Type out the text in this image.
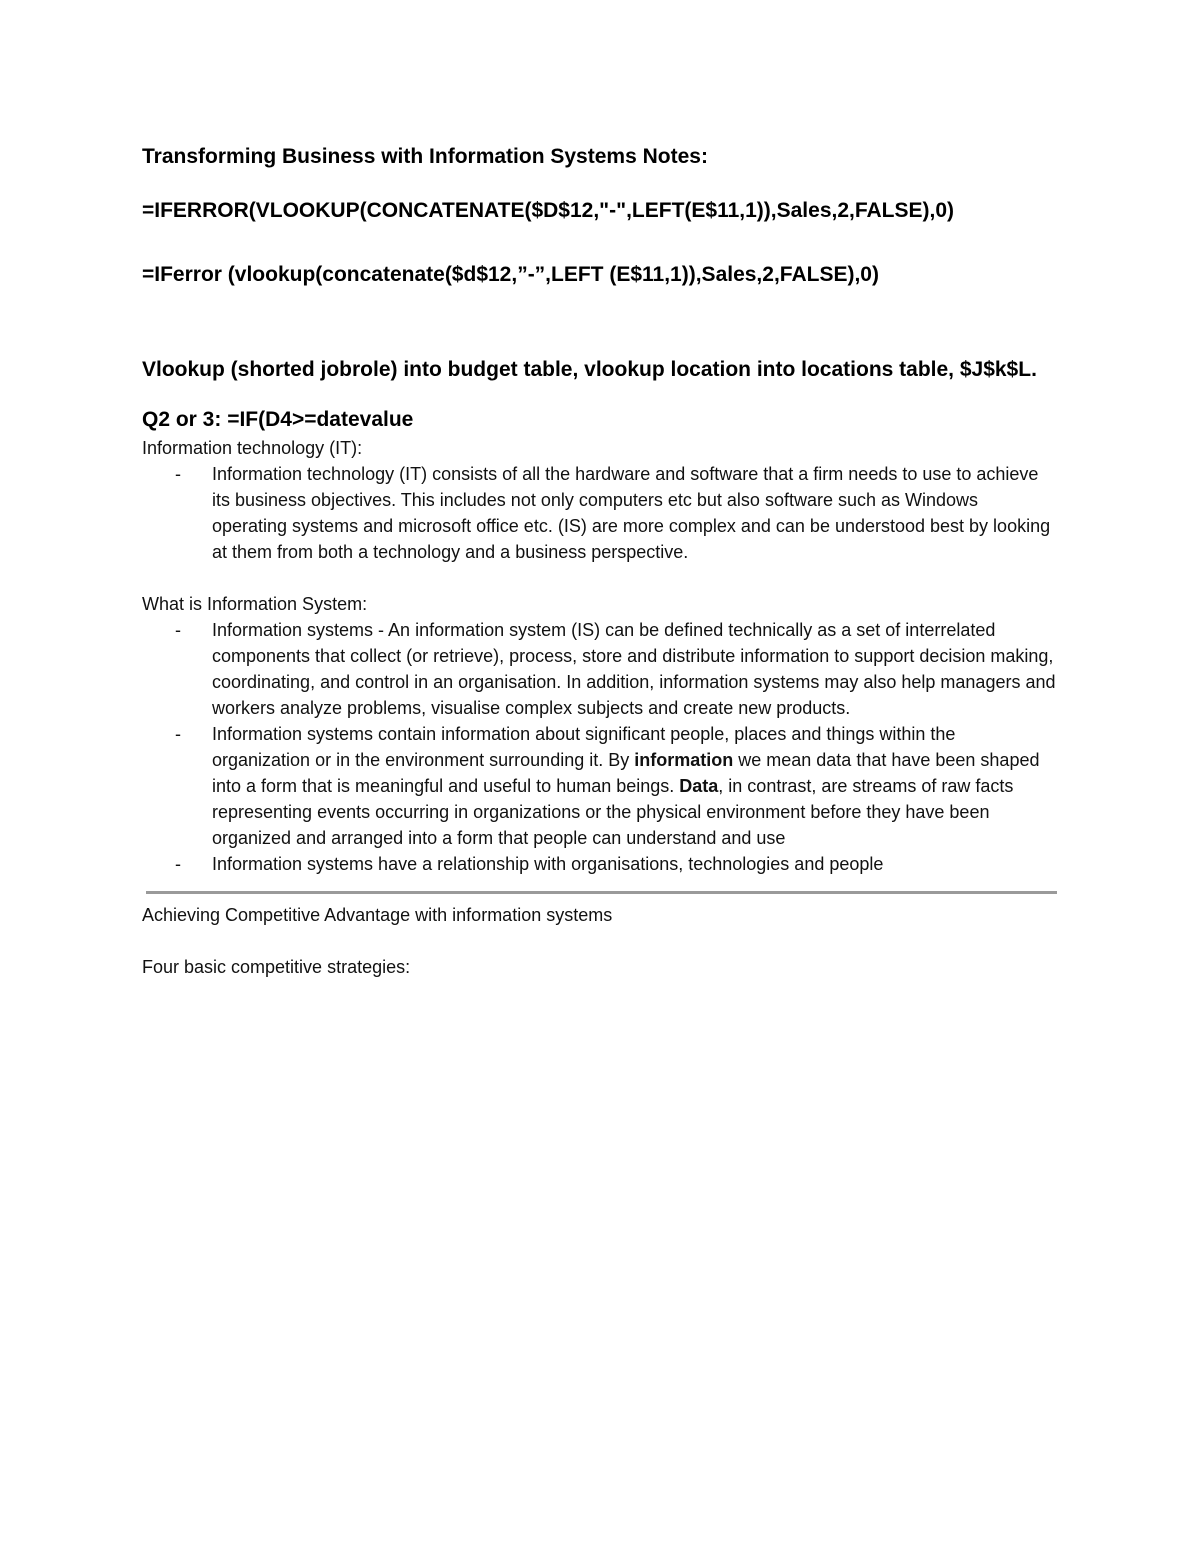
Transforming Business with Information Systems Notes:

=IFERROR(VLOOKUP(CONCATENATE($D$12,"-",LEFT(E$11,1)),Sales,2,FALSE),0)

=IFerror (vlookup(concatenate($d$12,”-”,LEFT (E$11,1)),Sales,2,FALSE),0)

Vlookup (shorted jobrole) into budget table, vlookup location into locations table, $J$k$L.

Q2 or 3: =IF(D4>=datevalue

Information technology (IT):

- Information technology (IT) consists of all the hardware and software that a firm needs to use to achieve its business objectives. This includes not only computers etc but also software such as Windows operating systems and microsoft office etc. (IS) are more complex and can be understood best by looking at them from both a technology and a business perspective.

What is Information System:

- Information systems - An information system (IS) can be defined technically as a set of interrelated components that collect (or retrieve), process, store and distribute information to support decision making, coordinating, and control in an organisation. In addition, information systems may also help managers and workers analyze problems, visualise complex subjects and create new products.
- Information systems contain information about significant people, places and things within the organization or in the environment surrounding it. By information we mean data that have been shaped into a form that is meaningful and useful to human beings. Data, in contrast, are streams of raw facts representing events occurring in organizations or the physical environment before they have been organized and arranged into a form that people can understand and use
- Information systems have a relationship with organisations, technologies and people

Achieving Competitive Advantage with information systems

Four basic competitive strategies:
